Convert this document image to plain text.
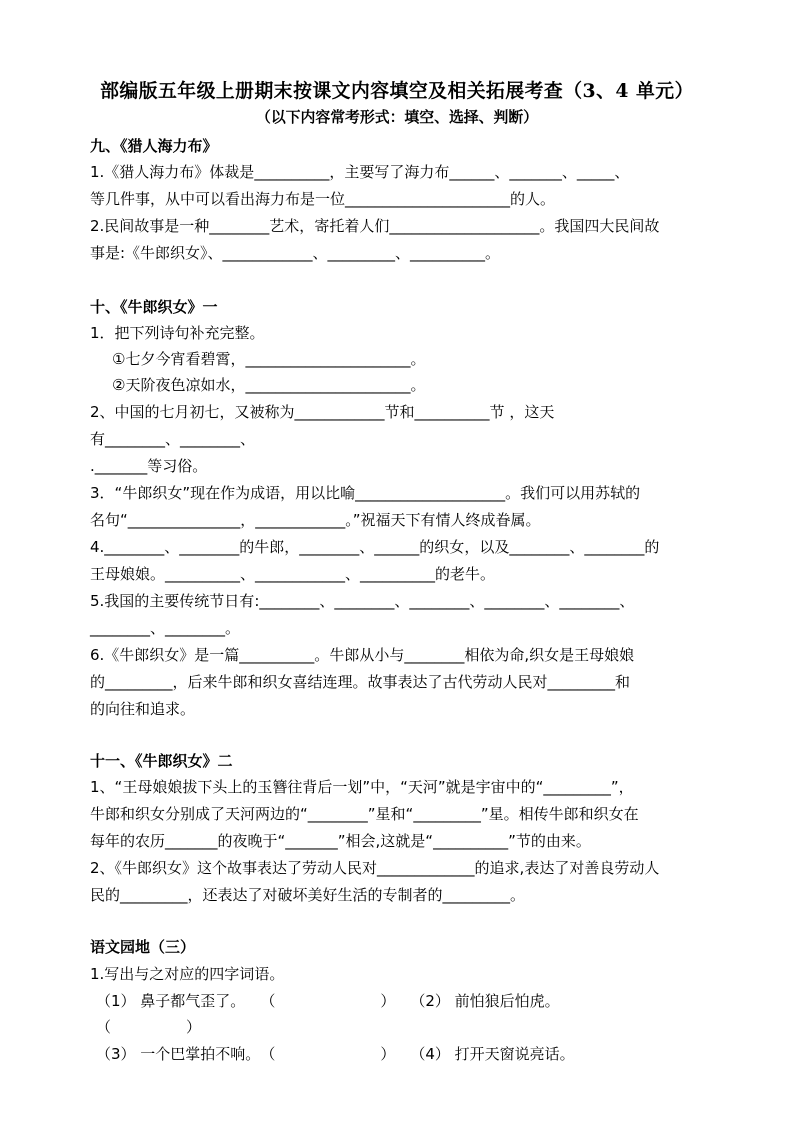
部编版五年级上册期末按课文内容填空及相关拓展考查（3、4 单元）
（以下内容常考形式：填空、选择、判断）
九、《猎人海力布》
1.《猎人海力布》体裁是__________，主要写了海力布______、_______、_____、
等几件事，从中可以看出海力布是一位______________________的人。
2.民间故事是一种________艺术，寄托着人们____________________。我国四大民间故
事是:《牛郎织女》、____________、_________、__________。
十、《牛郎织女》一
1．把下列诗句补充完整。
①七夕今宵看碧霄，______________________。
②天阶夜色凉如水，______________________。
2、中国的七月初七，又被称为____________节和__________节 ，这天
有________、________、
._______等习俗。
3．“牛郎织女”现在作为成语，用以比喻____________________。我们可以用苏轼的
名句“_______________，____________。”祝福天下有情人终成眷属。
4.________、________的牛郎，________、______的织女，以及________、________的
王母娘娘。__________、____________、__________的老牛。
5.我国的主要传统节日有:________、________、________、________、________、
________、________。
6.《牛郎织女》是一篇__________。牛郎从小与________相依为命,织女是王母娘娘
的_________，后来牛郎和织女喜结连理。故事表达了古代劳动人民对_________和
的向往和追求。
十一、《牛郎织女》二
1、“王母娘娘拔下头上的玉簪往背后一划”中，“天河”就是宇宙中的“_________”，
牛郎和织女分别成了天河两边的“________”星和“_________”星。相传牛郎和织女在
每年的农历_______的夜晚于“_______”相会,这就是“__________”节的由来。
2、《牛郎织女》这个故事表达了劳动人民对_____________的追求,表达了对善良劳动人
民的_________，还表达了对破坏美好生活的专制者的_________。
语文园地（三）
1.写出与之对应的四字词语。
（1） 鼻子都气歪了。　　（　　　　　　　）　　（2） 前怕狼后怕虎。
（　　　　　）
（3） 一个巴掌拍不响。　（　　　　　　　）　　（4） 打开天窗说亮话。
